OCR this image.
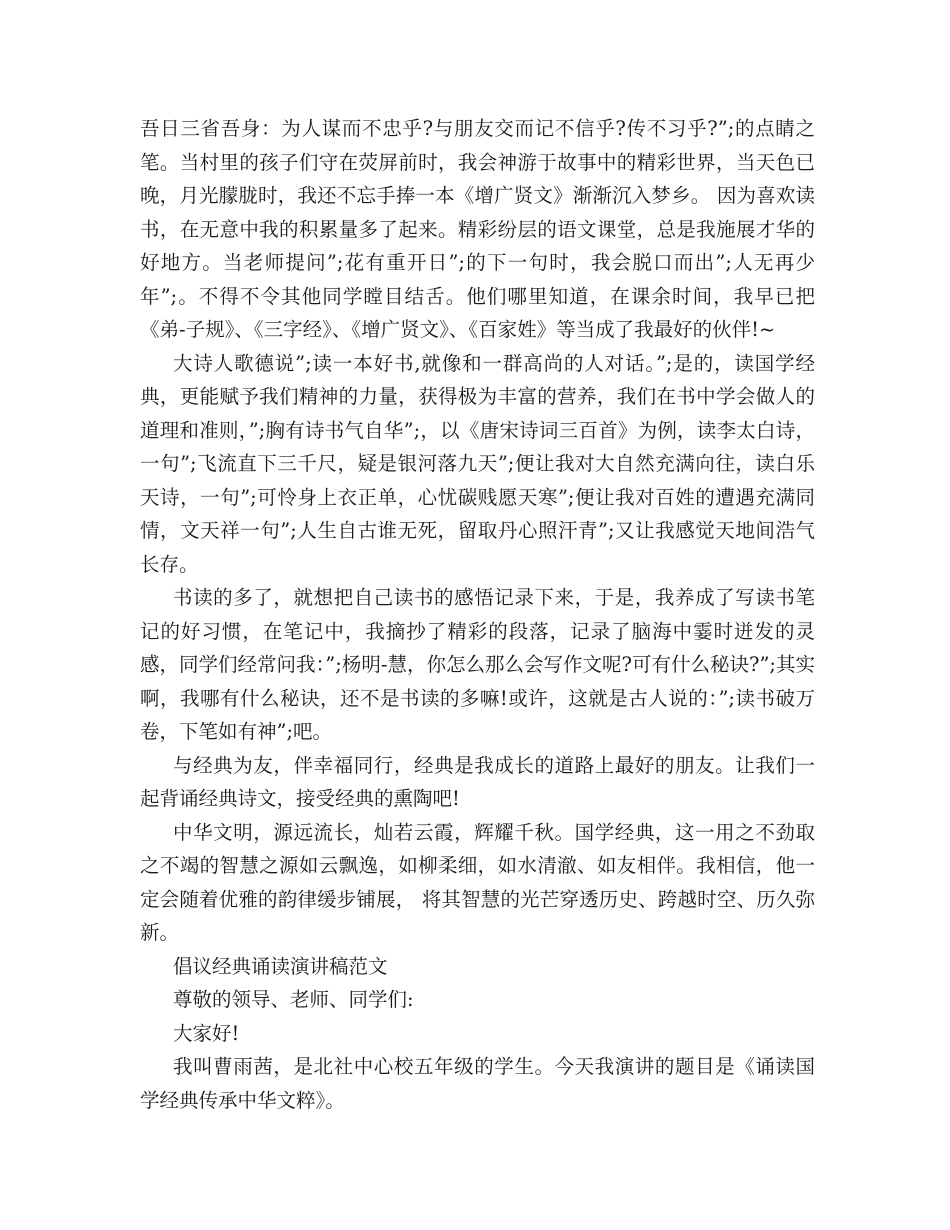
吾日三省吾身：为人谋而不忠乎?与朋友交而记不信乎?传不习乎?”;的点睛之笔。当村里的孩子们守在荧屏前时，我会神游于故事中的精彩世界，当天色已晚，月光朦胧时，我还不忘手捧一本《增广贤文》渐渐沉入梦乡。 因为喜欢读书，在无意中我的积累量多了起来。精彩纷层的语文课堂，总是我施展才华的好地方。当老师提问”;花有重开日”;的下一句时，我会脱口而出”;人无再少年”;。不得不令其他同学瞠目结舌。他们哪里知道，在课余时间，我早已把《弟-子规》、《三字经》、《增广贤文》、《百家姓》等当成了我最好的伙伴!~

大诗人歌德说”;读一本好书,就像和一群高尚的人对话。”;是的，读国学经典，更能赋予我们精神的力量，获得极为丰富的营养，我们在书中学会做人的道理和准则，”;胸有诗书气自华”;，以《唐宋诗词三百首》为例，读李太白诗，一句”;飞流直下三千尺，疑是银河落九天”;便让我对大自然充满向往，读白乐天诗，一句”;可怜身上衣正单，心忧碳贱愿天寒”;便让我对百姓的遭遇充满同情，文天祥一句”;人生自古谁无死，留取丹心照汗青”;又让我感觉天地间浩气长存。

书读的多了，就想把自己读书的感悟记录下来，于是，我养成了写读书笔记的好习惯，在笔记中，我摘抄了精彩的段落，记录了脑海中霎时迸发的灵感，同学们经常问我：”;杨明-慧，你怎么那么会写作文呢?可有什么秘诀?”;其实啊，我哪有什么秘诀，还不是书读的多嘛!或许，这就是古人说的：”;读书破万卷，下笔如有神”;吧。

与经典为友，伴幸福同行，经典是我成长的道路上最好的朋友。让我们一起背诵经典诗文，接受经典的熏陶吧!

中华文明，源远流长，灿若云霞，辉耀千秋。国学经典，这一用之不劲取之不竭的智慧之源如云飘逸，如柳柔细，如水清澈、如友相伴。我相信，他一定会随着优雅的韵律缓步铺展， 将其智慧的光芒穿透历史、跨越时空、历久弥新。

倡议经典诵读演讲稿范文

尊敬的领导、老师、同学们:

大家好!

我叫曹雨茜，是北社中心校五年级的学生。今天我演讲的题目是《诵读国学经典传承中华文粹》。
